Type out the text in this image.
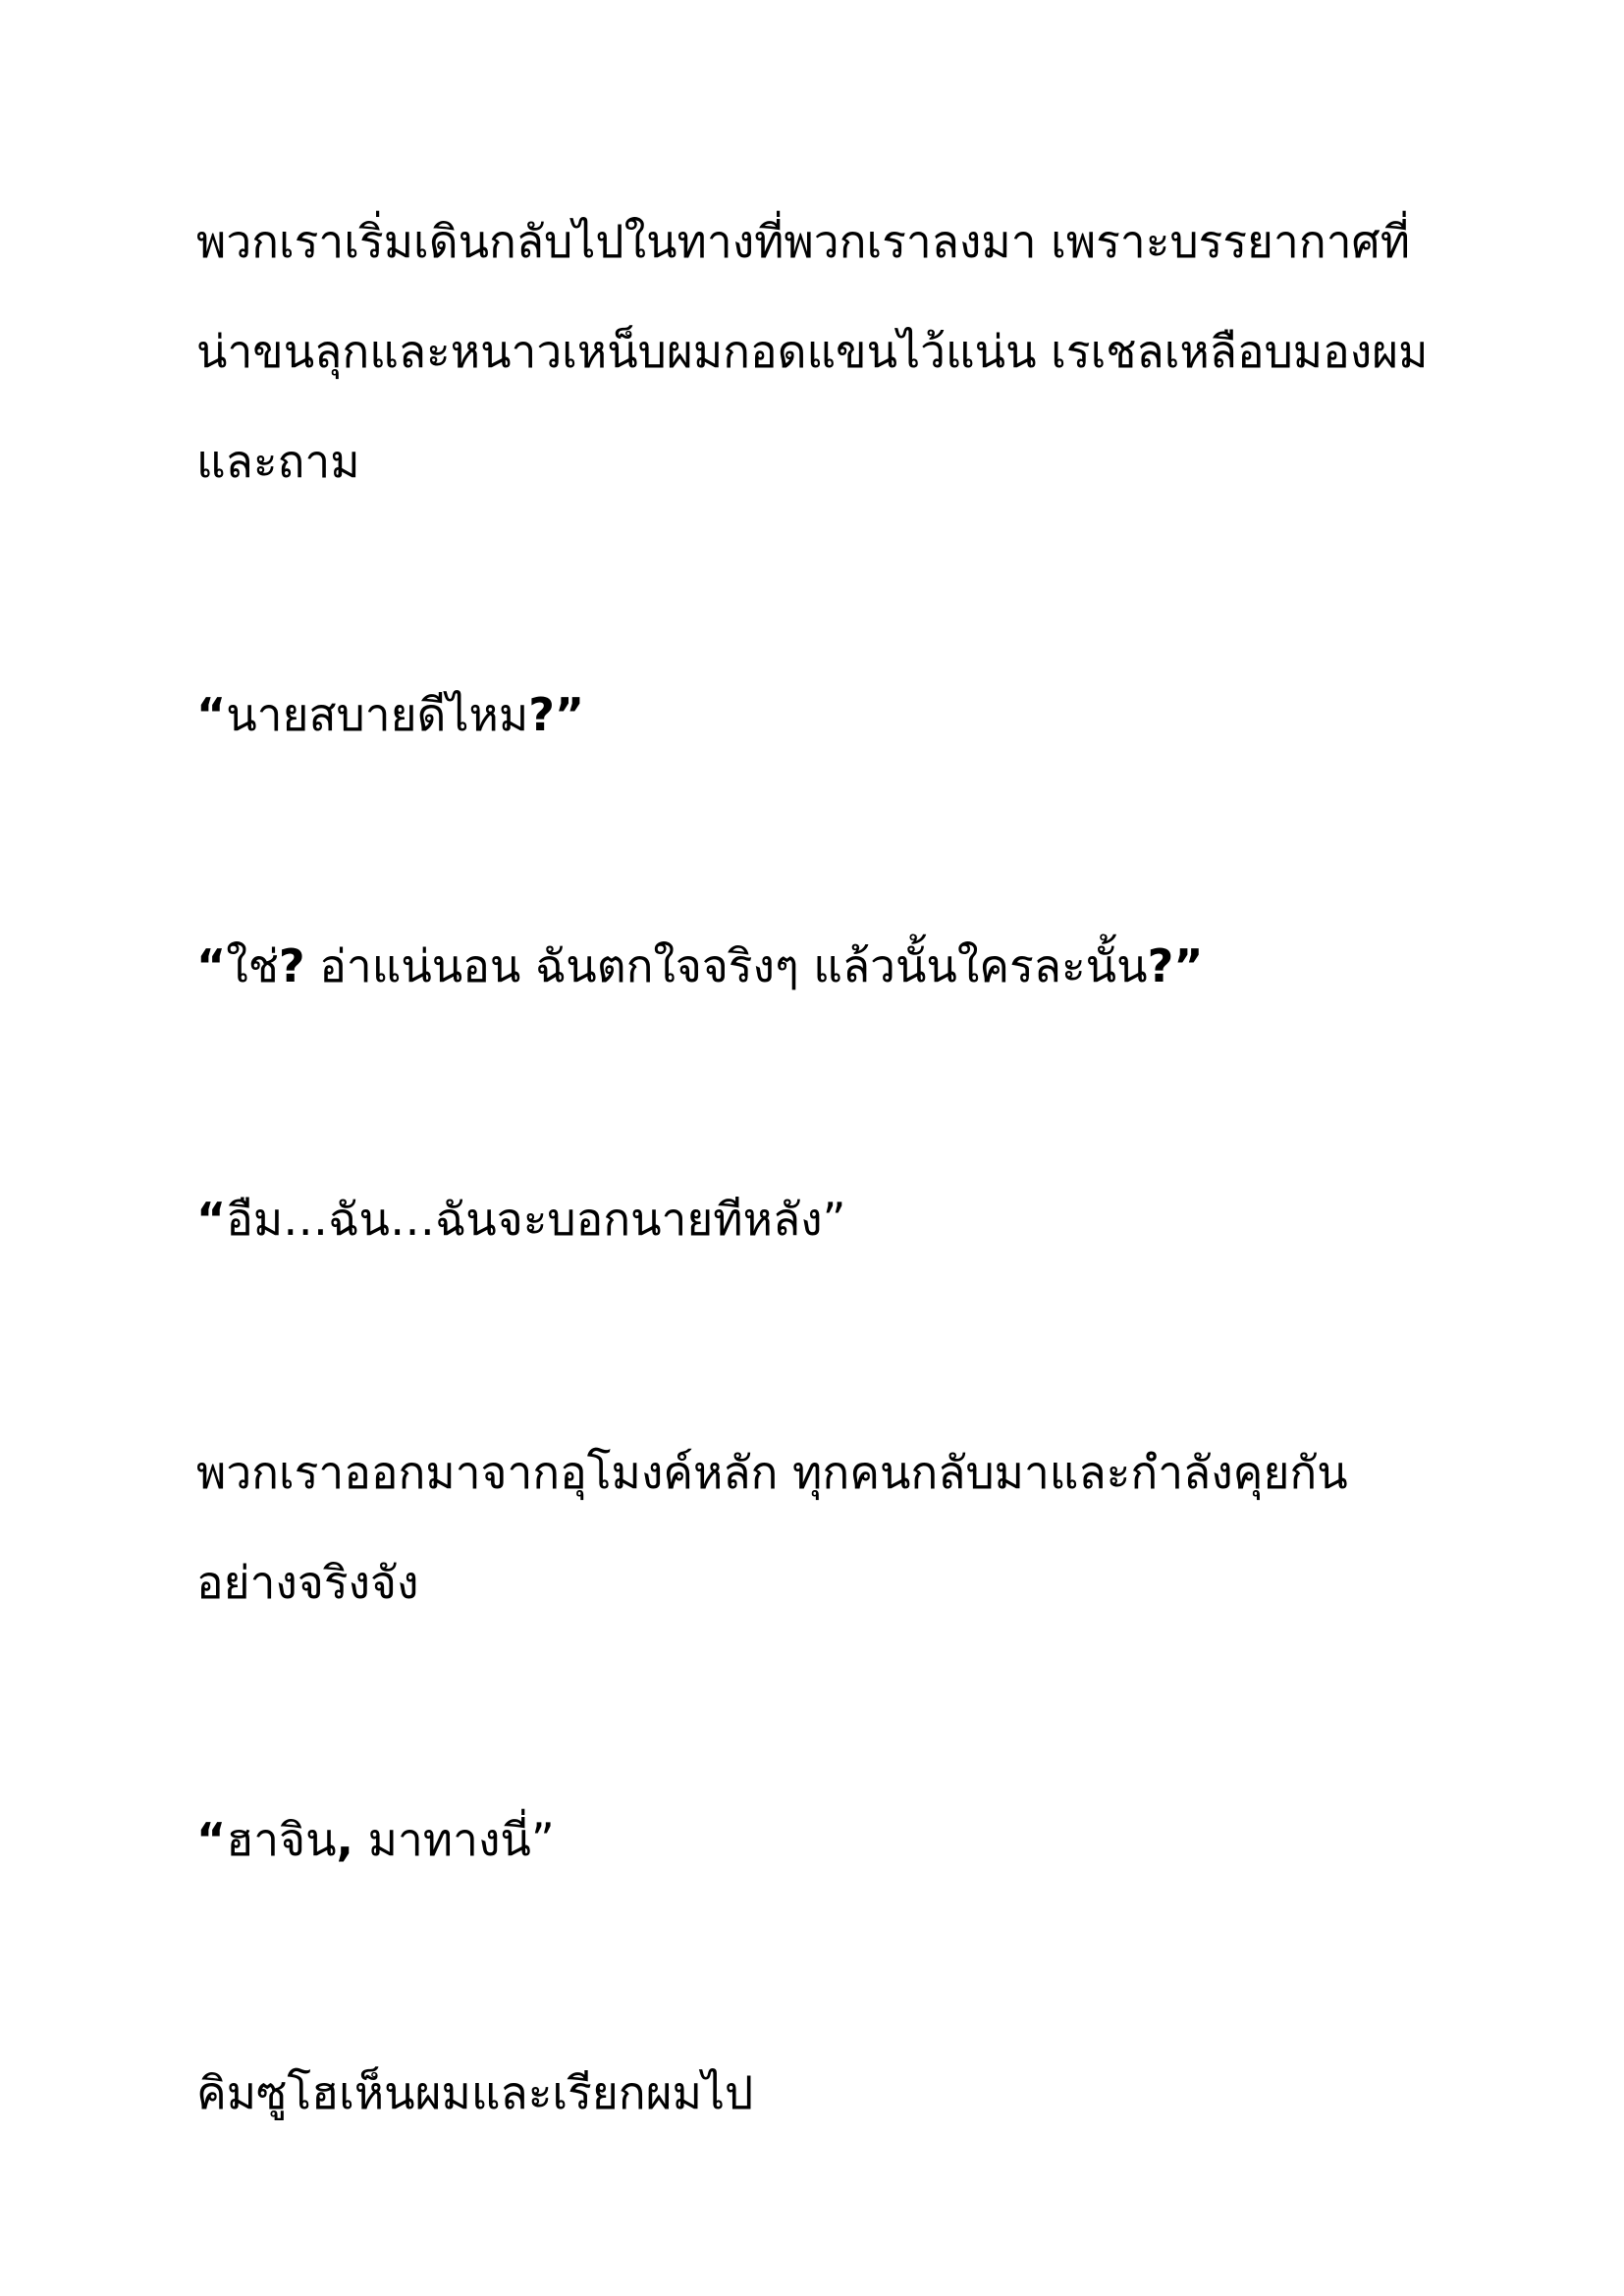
พวกเราเริ่มเดินกลับไปในทางที่พวกเราลงมา เพราะบรรยากาศที่
น่าขนลุกและหนาวเหน็บผมกอดแขนไว้แน่น เรเชลเหลือบมองผม
และถาม

“นายสบายดีไหม?”

“ใช่? อ่าแน่นอน ฉันตกใจจริงๆ แล้วนั้นใครละนั้น?”

“อืม…ฉัน…ฉันจะบอกนายทีหลัง”

พวกเราออกมาจากอุโมงค์หลัก ทุกคนกลับมาและกำลังคุยกัน
อย่างจริงจัง

“ฮาจิน, มาทางนี่”

คิมซูโฮเห็นผมและเรียกผมไป
